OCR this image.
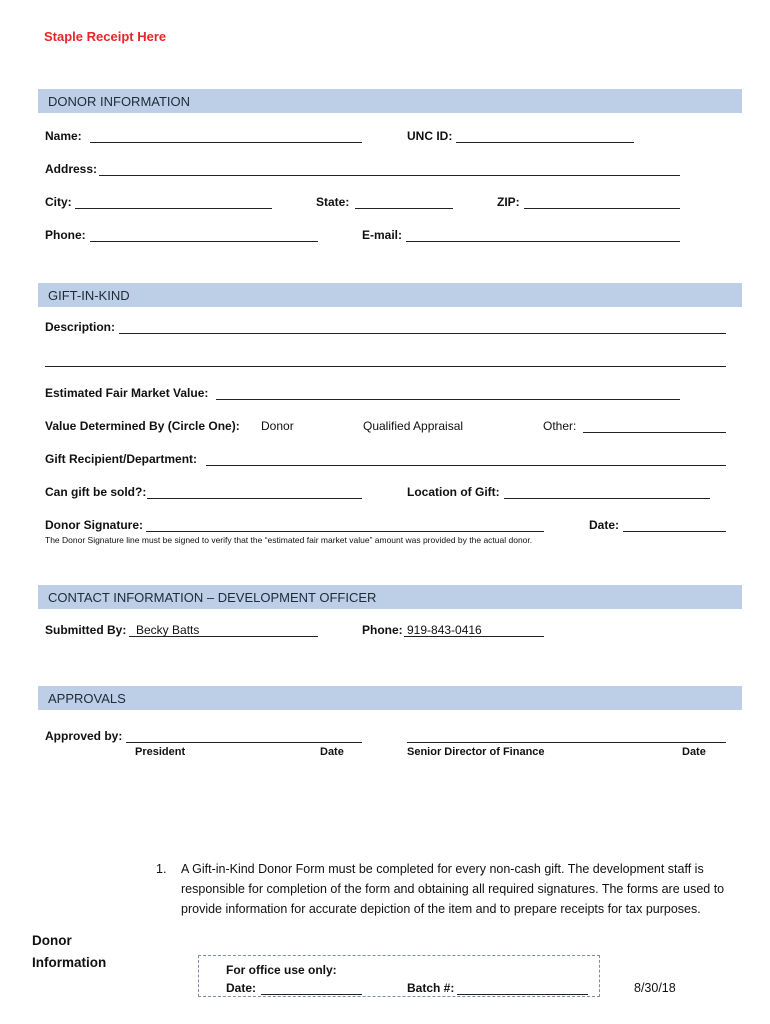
Staple Receipt Here
DONOR INFORMATION
Name:	UNC ID:
Address:
City:	State:	ZIP:
Phone:	E-mail:
GIFT-IN-KIND
Description:
Estimated Fair Market Value:
Value Determined By (Circle One): Donor	Qualified Appraisal	Other:
Gift Recipient/Department:
Can gift be sold?:	Location of Gift:
Donor Signature:	Date:
The Donor Signature line must be signed to verify that the “estimated fair market value” amount was provided by the actual donor.
CONTACT INFORMATION – DEVELOPMENT OFFICER
Submitted By: Becky Batts	Phone: 919-843-0416
APPROVALS
Approved by:
President	Date	Senior Director of Finance	Date
1. A Gift-in-Kind Donor Form must be completed for every non-cash gift. The development staff is responsible for completion of the form and obtaining all required signatures. The forms are used to provide information for accurate depiction of the item and to prepare receipts for tax purposes.
Donor
Information	For office use only:
Date:	Batch #:	8/30/18
